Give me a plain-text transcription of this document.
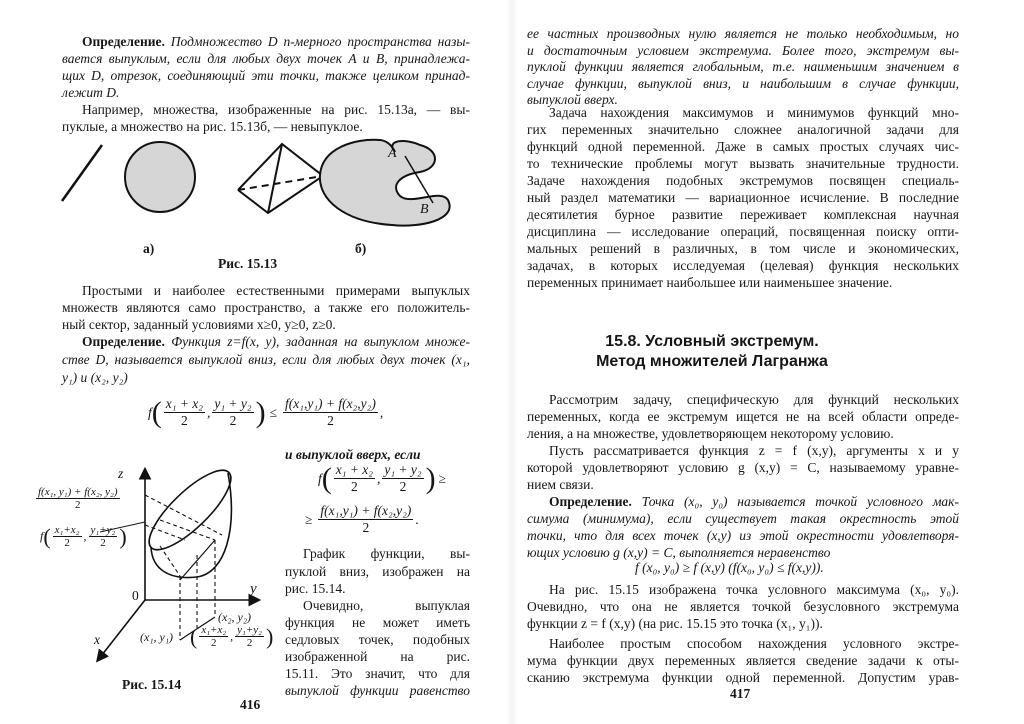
Определение. Подмножество D n-мерного пространства назы-
вается выпуклым, если для любых двух точек A и B, принадлежа-
щих D, отрезок, соединяющий эти точки, также целиком принад-
лежит D.
Например, множества, изображенные на рис. 15.13а, — вы-
пуклые, а множество на рис. 15.13б, — невыпуклое.
Простыми и наиболее естественными примерами выпуклых
множеств являются само пространство, а также его положитель-
ный сектор, заданный условиями x≥0, y≥0, z≥0.
Определение. Функция z=f(x, y), заданная на выпуклом множе-
стве D, называется выпуклой вниз, если для любых двух точек (x₁,
y₁) и (x₂, y₂)
График функции, вы-
пуклой вниз, изображен на
рис. 15.14.
Очевидно, выпуклая
функция не может иметь
седловых точек, подобных
изображенной на рис.
15.11. Это значит, что для
выпуклой функции равенство
ее частных производных нулю является не только необходимым, но
и достаточным условием экстремума. Более того, экстремум вы-
пуклой функции является глобальным, т.е. наименьшим значением в
случае функции, выпуклой вниз, и наибольшим в случае функции,
выпуклой вверх.
Задача нахождения максимумов и минимумов функций мно-
гих переменных значительно сложнее аналогичной задачи для
функций одной переменной. Даже в самых простых случаях чис-
то технические проблемы могут вызвать значительные трудности.
Задаче нахождения подобных экстремумов посвящен специаль-
ный раздел математики — вариационное исчисление. В последние
десятилетия бурное развитие переживает комплексная научная
дисциплина — исследование операций, посвященная поиску опти-
мальных решений в различных, в том числе и экономических,
задачах, в которых исследуемая (целевая) функция нескольких
переменных принимает наибольшее или наименьшее значение.
Рассмотрим задачу, специфическую для функций нескольких
переменных, когда ее экстремум ищется не на всей области опреде-
ления, а на множестве, удовлетворяющем некоторому условию.
Пусть рассматривается функция z = f (x,y), аргументы x и y
которой удовлетворяют условию g (x,y) = C, называемому уравне-
нием связи.
Определение. Точка (x₀, y₀) называется точкой условного мак-
симума (минимума), если существует такая окрестность этой
точки, что для всех точек (x,y) из этой окрестности удовлетворя-
ющих условию g (x,y) = C, выполняется неравенство
На рис. 15.15 изображена точка условного максимума (x₀, y₀).
Очевидно, что она не является точкой безусловного экстремума
функции z = f (x,y) (на рис. 15.15 это точка (x₁, y₁)).
Наиболее простым способом нахождения условного экстре-
мума функции двух переменных является сведение задачи к оты-
сканию экстремума функции одной переменной. Допустим урав-
A
B
а)	б)
Рис. 15.13
f ( $\frac{\text{x₁ + x₂}}{2}$ , $\frac{\text{y₁ + y₂}}{2}$ ) ≤ $\frac{\text{f(x₁,y₁) + f(x₂,y₂)}}{2}$ ,
и выпуклой вверх, если
f ( $\frac{\text{x₁ + x₂}}{2}$ , $\frac{\text{y₁ + y₂}}{2}$ ) ≥
≥ $\frac{\text{f(x₁,y₁) + f(x₂,y₂)}}{2}$ .
z
y
x
0
$\frac{\text{f(x₁, y₁) + f(x₂, y₂)}}{2}$
f ( $\frac{\text{x₁+x₂}}{2}$ , $\frac{\text{y₁+y₂}}{2}$ )
(x₂, y₂)
(x₁, y₁) ( $\frac{\text{x₁+x₂}}{2}$ , $\frac{\text{y₁+y₂}}{2}$ )
Рис. 15.14
416
15.8. Условный экстремум.
Метод множителей Лагранжа
f (x₀, y₀) ≥ f (x,y) (f(x₀, y₀) ≤ f(x,y)).
417
